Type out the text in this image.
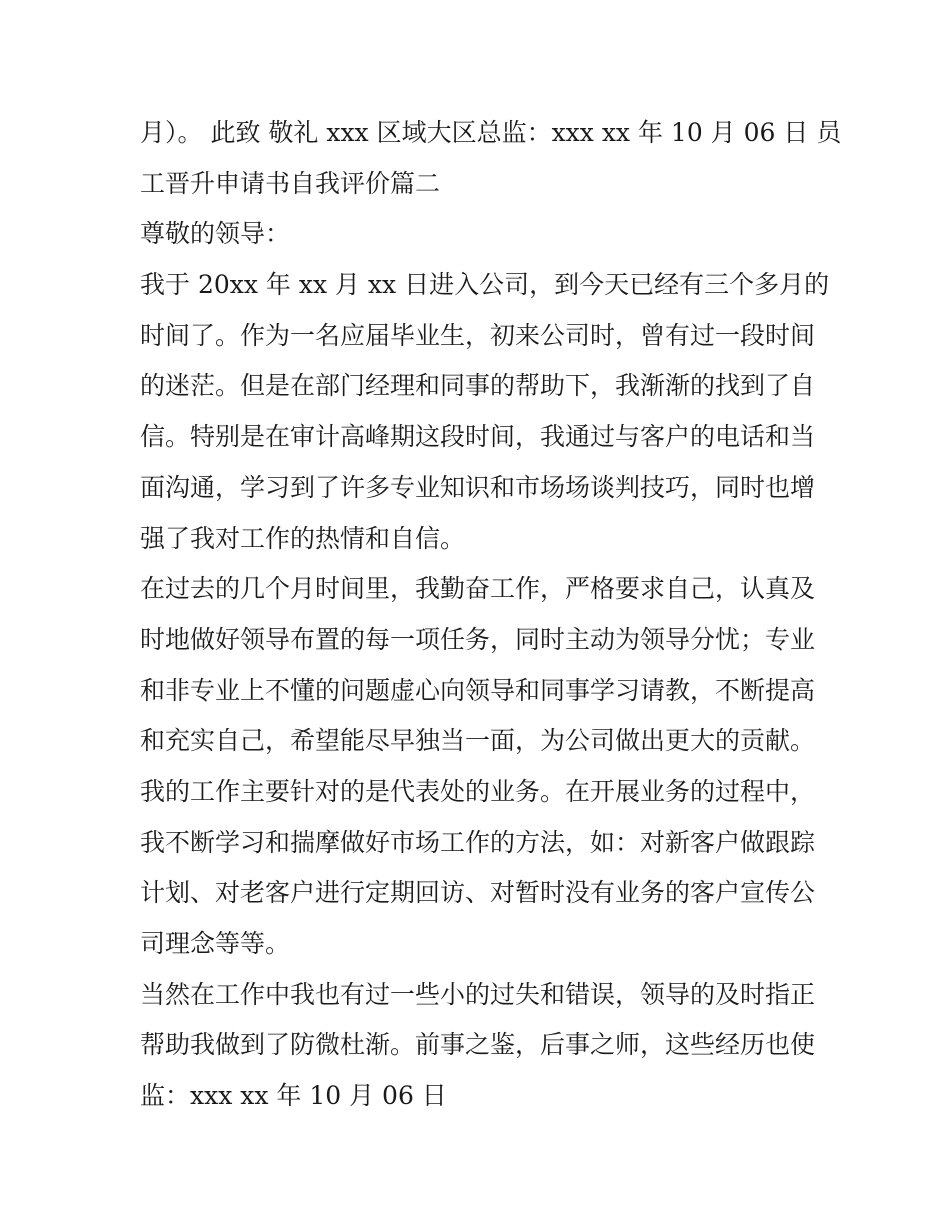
月）。 此致 敬礼 xxx 区域大区总监：xxx xx 年 10 月 06 日 员
工晋升申请书自我评价篇二
尊敬的领导：
我于 20xx 年 xx 月 xx 日进入公司，到今天已经有三个多月的
时间了。作为一名应届毕业生，初来公司时，曾有过一段时间
的迷茫。但是在部门经理和同事的帮助下，我渐渐的找到了自
信。特别是在审计高峰期这段时间，我通过与客户的电话和当
面沟通，学习到了许多专业知识和市场场谈判技巧，同时也增
强了我对工作的热情和自信。
在过去的几个月时间里，我勤奋工作，严格要求自己，认真及
时地做好领导布置的每一项任务，同时主动为领导分忧；专业
和非专业上不懂的问题虚心向领导和同事学习请教，不断提高
和充实自己，希望能尽早独当一面，为公司做出更大的贡献。
我的工作主要针对的是代表处的业务。在开展业务的过程中，
我不断学习和揣摩做好市场工作的方法，如：对新客户做跟踪
计划、对老客户进行定期回访、对暂时没有业务的客户宣传公
司理念等等。
当然在工作中我也有过一些小的过失和错误，领导的及时指正
帮助我做到了防微杜渐。前事之鉴，后事之师，这些经历也使
监：xxx xx 年 10 月 06 日
